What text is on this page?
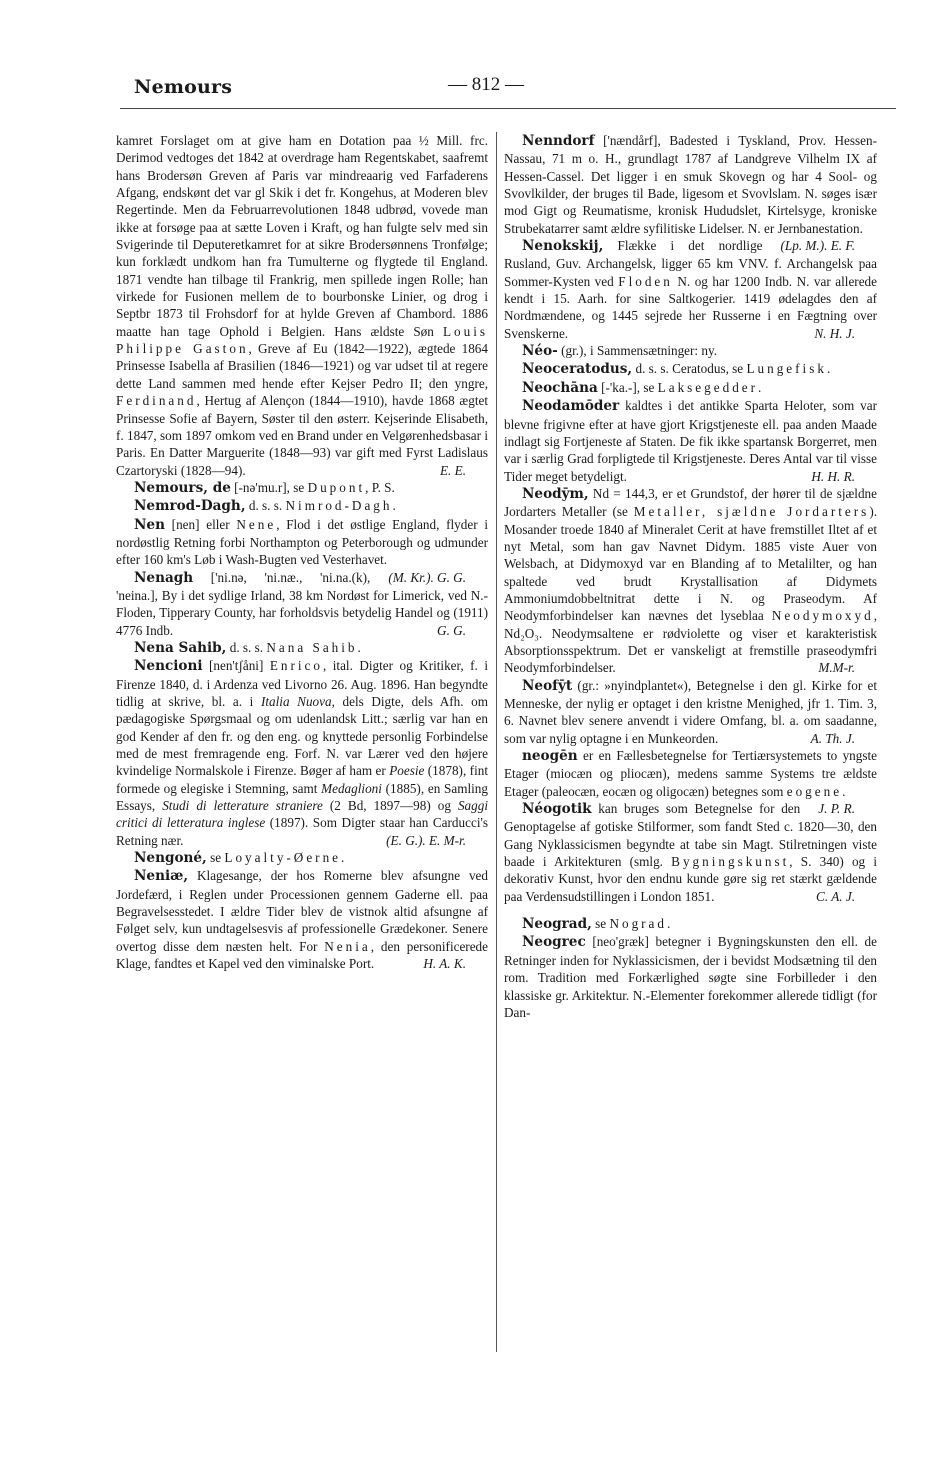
Nemours	— 812 —

kamret Forslaget om at give ham en Dotation paa ½ Mill. frc. Derimod vedtoges det 1842 at overdrage ham Regentskabet, saafremt hans Brodersøn Greven af Paris var mindreaarig ved Farfaderens Afgang, endskønt det var gl Skik i det fr. Kongehus, at Moderen blev Regertinde. Men da Februarrevolutionen 1848 udbrød, vovede man ikke at forsøge paa at sætte Loven i Kraft, og han fulgte selv med sin Svigerinde til Deputeretkamret for at sikre Brodersønnens Tronfølge; kun forklædt undkom han fra Tumulterne og flygtede til England. 1871 vendte han tilbage til Frankrig, men spillede ingen Rolle; han virkede for Fusionen mellem de to bourbonske Linier, og drog i Septbr 1873 til Frohsdorf for at hylde Greven af Chambord. 1886 maatte han tage Ophold i Belgien. Hans ældste Søn Louis Philippe Gaston, Greve af Eu (1842—1922), ægtede 1864 Prinsesse Isabella af Brasilien (1846—1921) og var udset til at regere dette Land sammen med hende efter Kejser Pedro II; den yngre, Ferdinand, Hertug af Alençon (1844—1910), havde 1868 ægtet Prinsesse Sofie af Bayern, Søster til den østerr. Kejserinde Elisabeth, f. 1847, som 1897 omkom ved en Brand under en Velgørenhedsbasar i Paris. En Datter Marguerite (1848—93) var gift med Fyrst Ladislaus Czartoryski (1828—94).	E. E.

Nemours, de [-nə'mu.r], se Dupont, P. S.

Nemrod-Dagh, d. s. s. Nimrod-Dagh.

Nen [nen] eller Nene, Flod i det østlige England, flyder i nordøstlig Retning forbi Northampton og Peterborough og udmunder efter 160 km's Løb i Wash-Bugten ved Vesterhavet.
(M. Kr.). G. G.

Nenagh ['ni.nə, 'ni.næ., 'ni.na.(k), 'neina.], By i det sydlige Irland, 38 km Nordøst for Limerick, ved N.-Floden, Tipperary County, har forholdsvis betydelig Handel og (1911) 4776 Indb.	G. G.

Nena Sahib, d. s. s. Nana Sahib.

Nencioni [nen'tʃåni] Enrico, ital. Digter og Kritiker, f. i Firenze 1840, d. i Ardenza ved Livorno 26. Aug. 1896. Han begyndte tidlig at skrive, bl. a. i Italia Nuova, dels Digte, dels Afh. om pædagogiske Spørgsmaal og om udenlandsk Litt.; særlig var han en god Kender af den fr. og den eng. og knyttede personlig Forbindelse med de mest fremragende eng. Forf. N. var Lærer ved den højere kvindelige Normalskole i Firenze. Bøger af ham er Poesie (1878), fint formede og elegiske i Stemning, samt Medaglioni (1885), en Samling Essays, Studi di letterature straniere (2 Bd, 1897—98) og Saggi critici di letteratura inglese (1897). Som Digter staar han Carducci's Retning nær.	(E. G.). E. M-r.

Nengoné, se Loyalty-Øerne.

Neniæ, Klagesange, der hos Romerne blev afsungne ved Jordefærd, i Reglen under Processionen gennem Gaderne ell. paa Begravelsesstedet. I ældre Tider blev de vistnok altid afsungne af Følget selv, kun undtagelsesvis af professionelle Grædekoner. Senere overtog disse dem næsten helt. For Nenia, den personificerede Klage, fandtes et Kapel ved den viminalske Port.	H. A. K.

Nenndorf ['nændårf], Badested i Tyskland, Prov. Hessen-Nassau, 71 m o. H., grundlagt 1787 af Landgreve Vilhelm IX af Hessen-Cassel. Det ligger i en smuk Skovegn og har 4 Sool- og Svovlkilder, der bruges til Bade, ligesom et Svovlslam. N. søges især mod Gigt og Reumatisme, kronisk Hududslet, Kirtelsyge, kroniske Strubekatarrer samt ældre syfilitiske Lidelser. N. er Jernbanestation.
(Lp. M.). E. F.

Nenokskij, Flække i det nordlige Rusland, Guv. Archangelsk, ligger 65 km VNV. f. Archangelsk paa Sommer-Kysten ved Floden N. og har 1200 Indb. N. var allerede kendt i 15. Aarh. for sine Saltkogerier. 1419 ødelagdes den af Nordmændene, og 1445 sejrede her Russerne i en Fægtning over Svenskerne.	N. H. J.

Néo- (gr.), i Sammensætninger: ny.

Neoceratodus, d. s. s. Ceratodus, se Lungefisk.

Neochāna [-'ka.-], se Laksegedder.

Neodamōder kaldtes i det antikke Sparta Heloter, som var blevne frigivne efter at have gjort Krigstjeneste ell. paa anden Maade indlagt sig Fortjeneste af Staten. De fik ikke spartansk Borgerret, men var i særlig Grad forpligtede til Krigstjeneste. Deres Antal var til visse Tider meget betydeligt.	H. H. R.

Neodȳm, Nd = 144,3, er et Grundstof, der hører til de sjældne Jordarters Metaller (se Metaller, sjældne Jordarters). Mosander troede 1840 af Mineralet Cerit at have fremstillet Iltet af et nyt Metal, som han gav Navnet Didym. 1885 viste Auer von Welsbach, at Didymoxyd var en Blanding af to Metalilter, og han spaltede ved brudt Krystallisation af Didymets Ammoniumdobbeltnitrat dette i N. og Praseodym. Af Neodymforbindelser kan nævnes det lyseblaa Neodymoxyd, Nd₂O₃. Neodymsaltene er rødviolette og viser et karakteristisk Absorptionsspektrum. Det er vanskeligt at fremstille praseodymfri Neodymforbindelser.	M.M-r.

Neofȳt (gr.: »nyindplantet«), Betegnelse i den gl. Kirke for et Menneske, der nylig er optaget i den kristne Menighed, jfr 1. Tim. 3, 6. Navnet blev senere anvendt i videre Omfang, bl. a. om saadanne, som var nylig optagne i en Munkeorden.	A. Th. J.

neogēn er en Fællesbetegnelse for Tertiærsystemets to yngste Etager (miocæn og pliocæn), medens samme Systems tre ældste Etager (paleocæn, eocæn og oligocæn) betegnes som eogene.
J. P. R.

Néogotik kan bruges som Betegnelse for den Genoptagelse af gotiske Stilformer, som fandt Sted c. 1820—30, den Gang Nyklassicismen begyndte at tabe sin Magt. Stilretningen viste baade i Arkitekturen (smlg. Bygningskunst, S. 340) og i dekorativ Kunst, hvor den endnu kunde gøre sig ret stærkt gældende paa Verdensudstillingen i London 1851.	C. A. J.

Neograd, se Nograd.

Neogrec [neo'græk] betegner i Bygningskunsten den ell. de Retninger inden for Nyklassicismen, der i bevidst Modsætning til den rom. Tradition med Forkærlighed søgte sine Forbilleder i den klassiske gr. Arkitektur. N.-Elementer forekommer allerede tidligt (for Dan-
